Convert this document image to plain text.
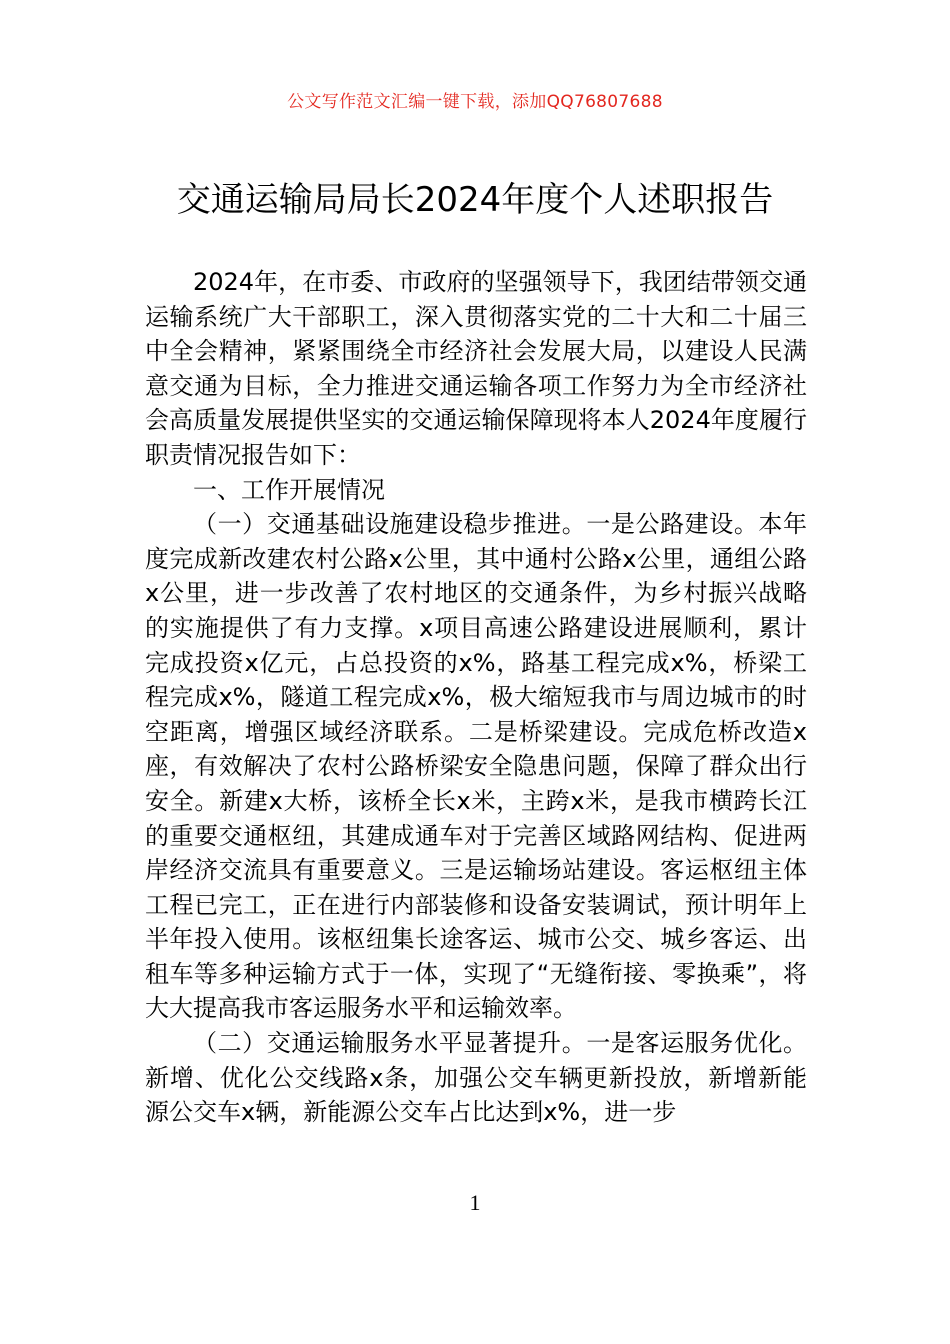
公文写作范文汇编一键下载，添加QQ76807688
交通运输局局长2024年度个人述职报告

2024年，在市委、市政府的坚强领导下，我团结带领交通运输系统广大干部职工，深入贯彻落实党的二十大和二十届三中全会精神，紧紧围绕全市经济社会发展大局，以建设人民满意交通为目标，全力推进交通运输各项工作努力为全市经济社会高质量发展提供坚实的交通运输保障现将本人2024年度履行职责情况报告如下：

一、工作开展情况

（一）交通基础设施建设稳步推进。一是公路建设。本年度完成新改建农村公路x公里，其中通村公路x公里，通组公路x公里，进一步改善了农村地区的交通条件，为乡村振兴战略的实施提供了有力支撑。x项目高速公路建设进展顺利，累计完成投资x亿元，占总投资的x%，路基工程完成x%，桥梁工程完成x%，隧道工程完成x%，极大缩短我市与周边城市的时空距离，增强区域经济联系。二是桥梁建设。完成危桥改造x座，有效解决了农村公路桥梁安全隐患问题，保障了群众出行安全。新建x大桥，该桥全长x米，主跨x米，是我市横跨长江的重要交通枢纽，其建成通车对于完善区域路网结构、促进两岸经济交流具有重要意义。三是运输场站建设。客运枢纽主体工程已完工，正在进行内部装修和设备安装调试，预计明年上半年投入使用。该枢纽集长途客运、城市公交、城乡客运、出租车等多种运输方式于一体，实现了“无缝衔接、零换乘”，将大大提高我市客运服务水平和运输效率。

（二）交通运输服务水平显著提升。一是客运服务优化。新增、优化公交线路x条，加强公交车辆更新投放，新增新能源公交车x辆，新能源公交车占比达到x%，进一步

1
